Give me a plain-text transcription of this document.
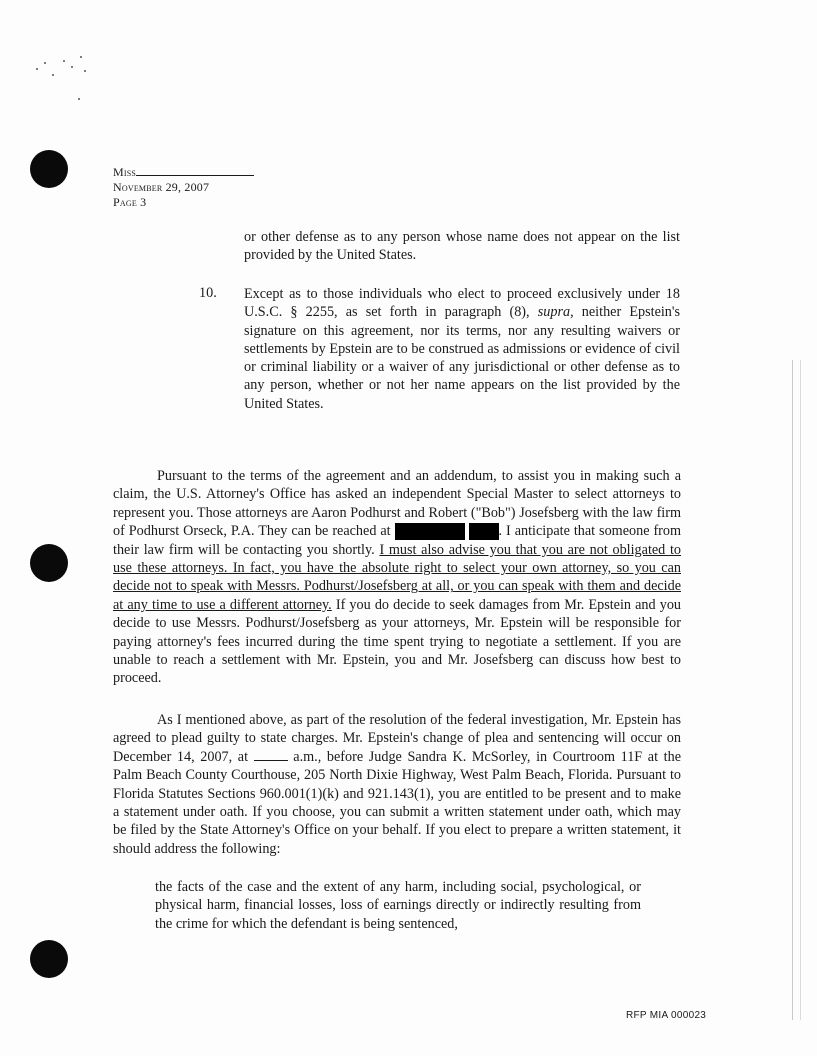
Miss
November 29, 2007
Page 3
or other defense as to any person whose name does not appear on the list provided by the United States.
10. Except as to those individuals who elect to proceed exclusively under 18 U.S.C. § 2255, as set forth in paragraph (8), supra, neither Epstein's signature on this agreement, nor its terms, nor any resulting waivers or settlements by Epstein are to be construed as admissions or evidence of civil or criminal liability or a waiver of any jurisdictional or other defense as to any person, whether or not her name appears on the list provided by the United States.

Pursuant to the terms of the agreement and an addendum, to assist you in making such a claim, the U.S. Attorney's Office has asked an independent Special Master to select attorneys to represent you. Those attorneys are Aaron Podhurst and Robert ("Bob") Josefsberg with the law firm of Podhurst Orseck, P.A. They can be reached at	. I anticipate that someone from their law firm will be contacting you shortly. I must also advise you that you are not obligated to use these attorneys. In fact, you have the absolute right to select your own attorney, so you can decide not to speak with Messrs. Podhurst/Josefsberg at all, or you can speak with them and decide at any time to use a different attorney. If you do decide to seek damages from Mr. Epstein and you decide to use Messrs. Podhurst/Josefsberg as your attorneys, Mr. Epstein will be responsible for paying attorney's fees incurred during the time spent trying to negotiate a settlement. If you are unable to reach a settlement with Mr. Epstein, you and Mr. Josefsberg can discuss how best to proceed.

As I mentioned above, as part of the resolution of the federal investigation, Mr. Epstein has agreed to plead guilty to state charges. Mr. Epstein's change of plea and sentencing will occur on December 14, 2007, at	a.m., before Judge Sandra K. McSorley, in Courtroom 11F at the Palm Beach County Courthouse, 205 North Dixie Highway, West Palm Beach, Florida. Pursuant to Florida Statutes Sections 960.001(1)(k) and 921.143(1), you are entitled to be present and to make a statement under oath. If you choose, you can submit a written statement under oath, which may be filed by the State Attorney's Office on your behalf. If you elect to prepare a written statement, it should address the following:

the facts of the case and the extent of any harm, including social, psychological, or physical harm, financial losses, loss of earnings directly or indirectly resulting from the crime for which the defendant is being sentenced,
RFP MIA 000023
